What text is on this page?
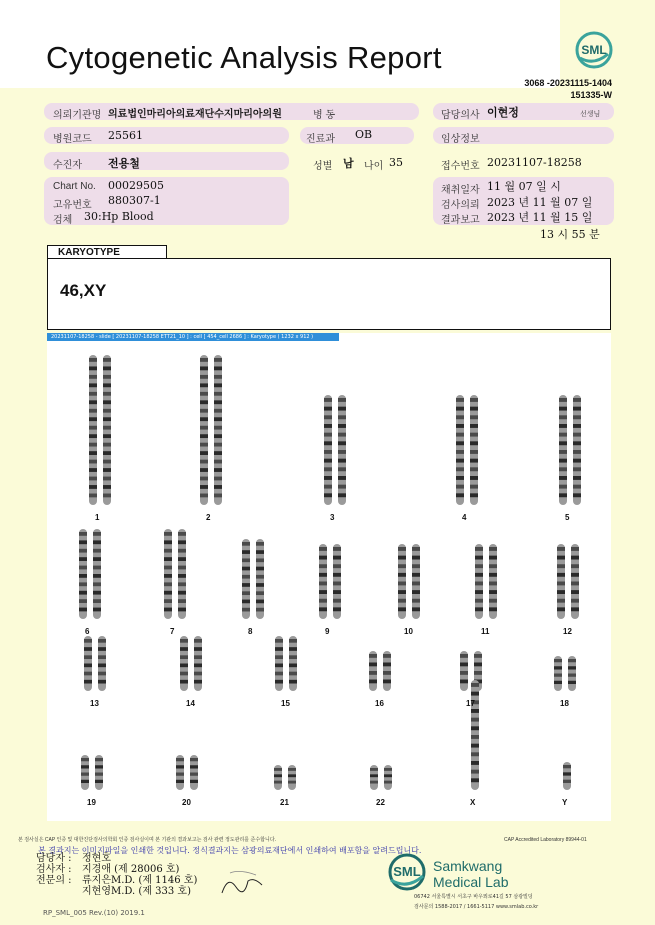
Cytogenetic Analysis Report	SML
3068 -20231115-1404
151335-W
의뢰기관명 의료법인마리아의료재단수지마리아의원	병 동	담당의사 이현정	선생님
병원코드 25561	진료과 OB	임상정보
수진자 전용철	성별 남 나이 35	접수번호 20231107-18258
Chart No. 00029505
고유번호 880307-1
검체 30:Hp Blood
채취일자 11 월 07 일 시
검사의뢰 2023 년 11 월 07 일
결과보고 2023 년 11 월 15 일
13 시 55 분
KARYOTYPE
46,XY
20231107-18258 - slide [ 20231107-18258 ETT21_10 ] : cell [ 454_cell 2686 ] : Karyotype ( 1232 x 912 )
본 검사실은 CAP 인증 및 대한진단검사의학회 인증 검사실이며 본 기관의 결과보고는 검사 관련 정도관리를 준수합니다.	CAP Accredited Laboratory 89944-01
본 결과지는 이미지파일을 인쇄한 것입니다. 정식결과지는 삼광의료재단에서 인쇄하여 배포함을 알려드립니다.
담당자 : 정현호
검사자 : 지경애 (제 28006 호)
전문의 : 류지은M.D. (제 1146 호)
지현영M.D. (제 333 호)
SML Samkwang
Medical Lab
06742 서울특별시 서초구 바우뫼로41길 57 삼광빌딩
검사문의 1588-2017 / 1661-5117 www.smlab.co.kr
RP_SML_005 Rev.(10) 2019.1
1	2	3	4	5
6	7	8	9	10	11	12
13	14	15	16	17	18
19	20	21	22	X	Y
